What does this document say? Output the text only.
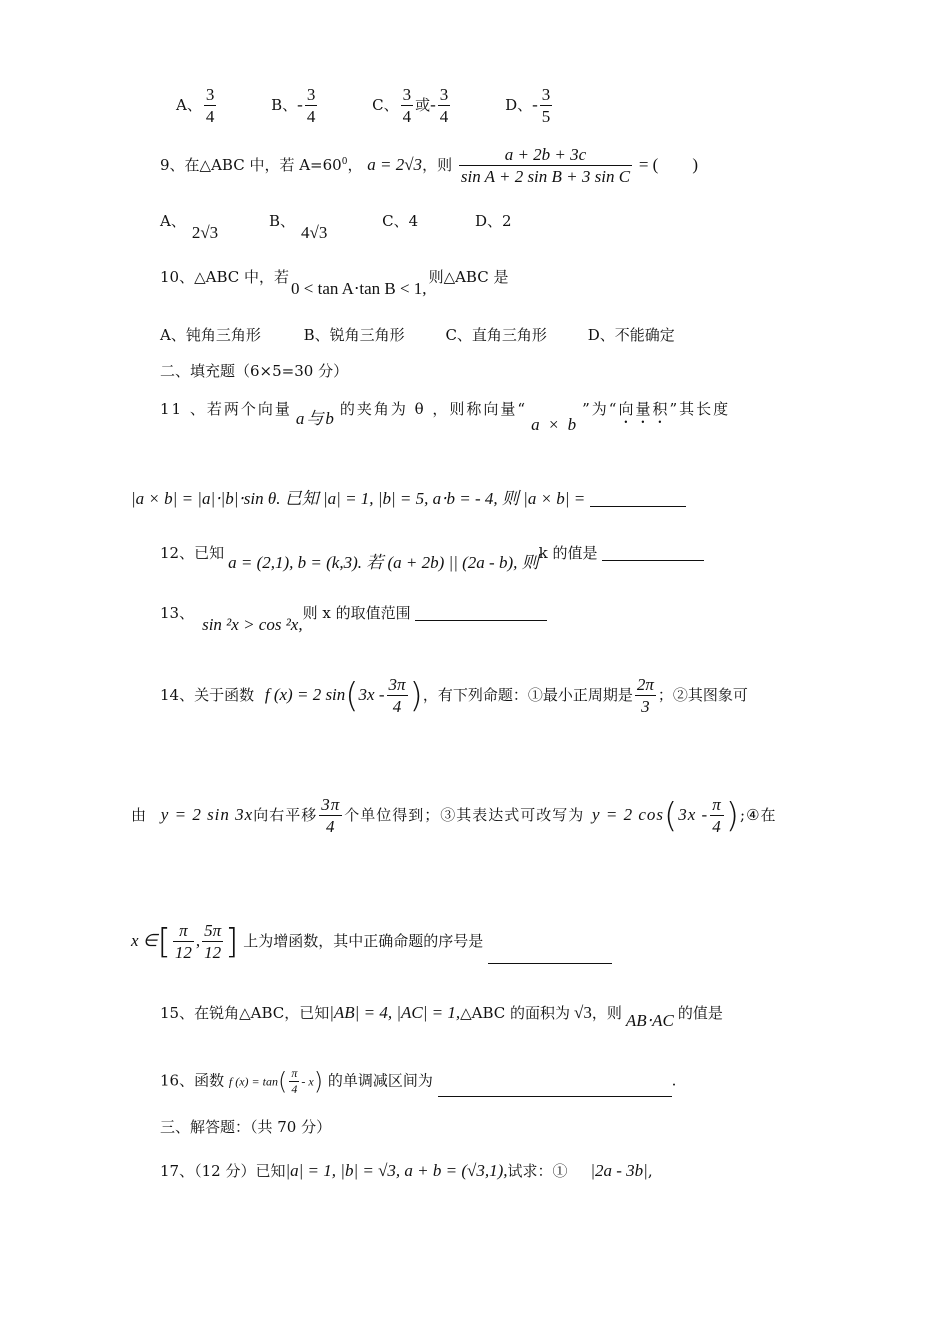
A、 $\frac{3}{4}$	B、- $\frac{3}{4}$	C、 $\frac{3}{4}$ 或- $\frac{3}{4}$	D、- $\frac{3}{5}$
9、在△ABC 中，若 $A=60^0$， a = 2√3，则 $\frac{a + 2b + 3c}{\text{sin A + 2 sin B + 3 sin C}}$ = (　　)
A、2√3 B、4√3 C、4	D、2
10、△ABC 中，若0 < tan A⋅tan B < 1,则△ABC 是
A、钝角三角形	B、锐角三角形	C、直角三角形	D、不能确定
二、填充题（6×5=30 分）
11 、若两个向量 a与b 的夹角为 θ ，则称向量“a × b”为“向量积”其长度
|a × b| = |a|⋅|b|⋅sin θ. 已知 |a| = 1, |b| = 5, a⋅b = - 4, 则 |a × b| =
12、已知 a = (2,1), b = (k,3). 若 (a + 2b) || (2a - b), 则k 的值是
13、sin ²x > cos ²x,则 x 的取值范围
14、关于函数 f (x) = 2 $\sin(3x - \frac{3\pi}{4}$ )，有下列命题：①最小正周期是 $\frac{2\pi}{3}$ ；②其图象可
由 y = 2 sin 3x向右平移 $\frac{3\pi}{4}$ 个单位得到；③其表达式可改写为 y = 2 $\cos(3x - \frac{\pi}{4}$ );④在
x ∈[ $\frac{\pi}{12}$ , $\frac{5\pi}{12}$ ] 上为增函数，其中正确命题的序号是
15、在锐角△ABC，已知|AB| = 4, |AC| = 1,△ABC 的面积为 √3，则 AB⋅AC 的值是
16、函数 f $(x) = \tan( \frac{\pi}{4} - x)$ 的单调减区间为	.
三、解答题：（共 70 分）
17、（12 分）已知|a| = 1, |b| = √3, a + b = (√3,1),试求：① |2a - 3b|,
